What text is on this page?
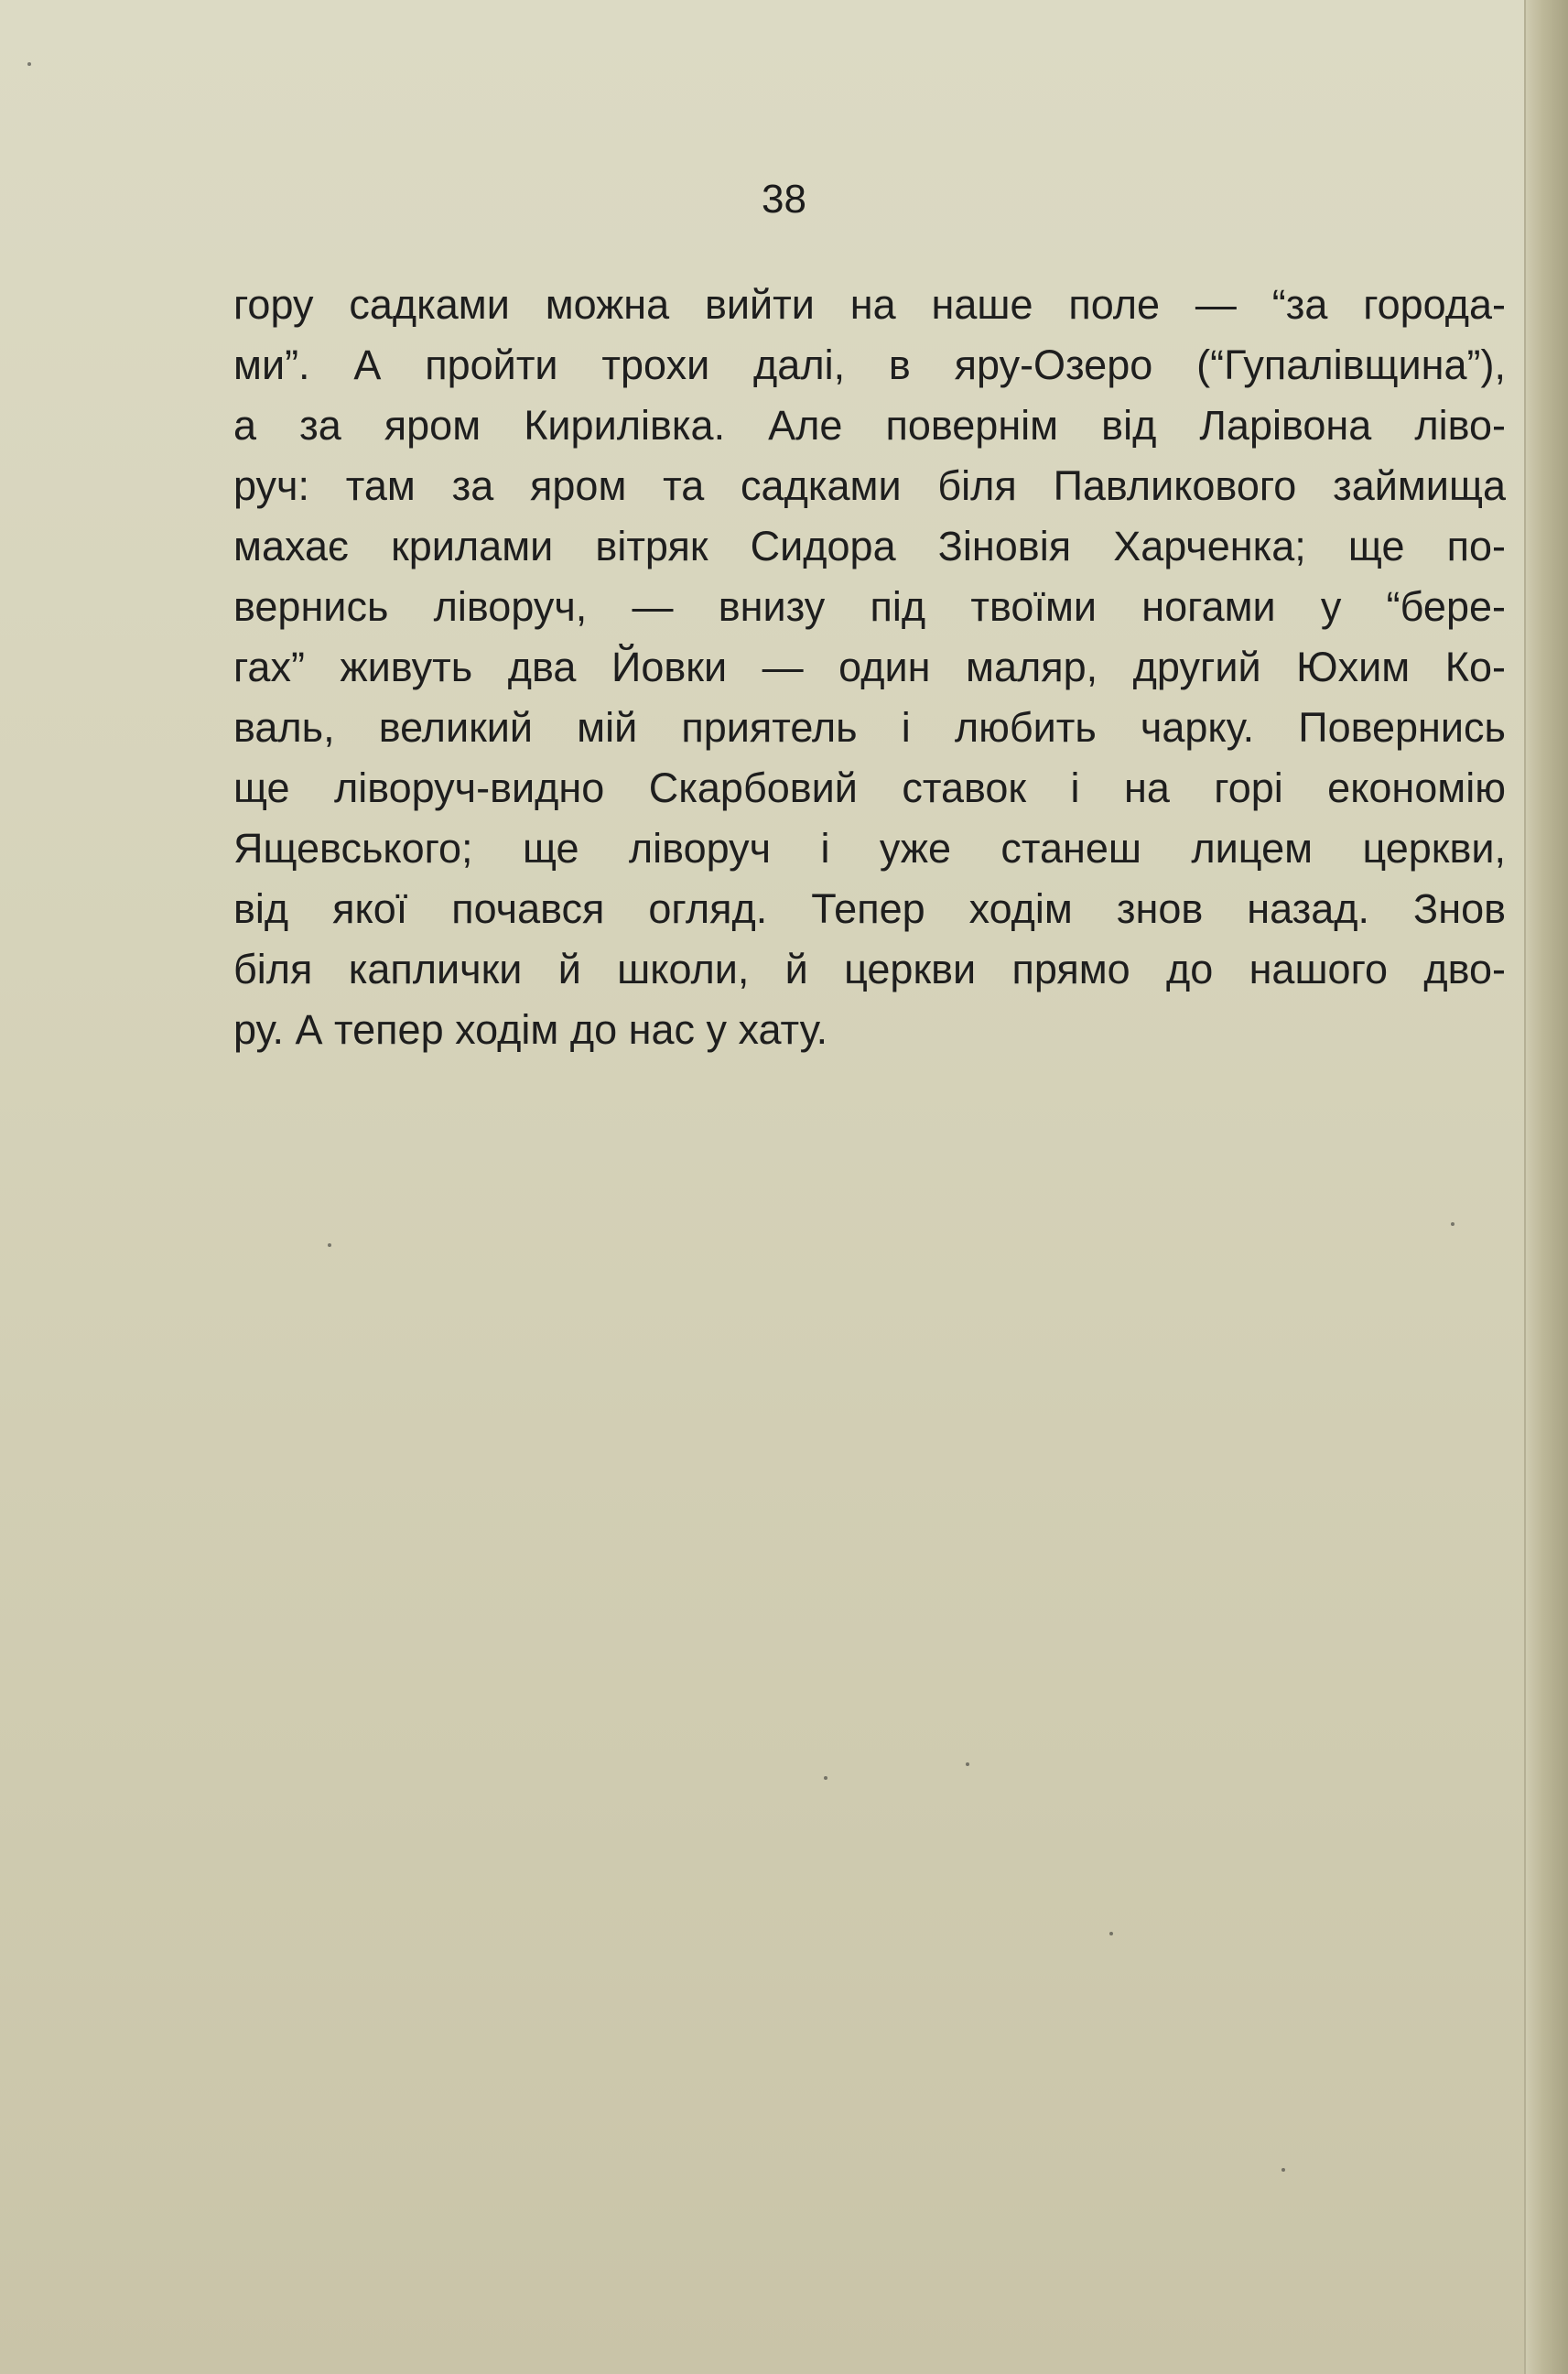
38
гору садками можна вийти на наше поле — “за города-
ми”. А пройти трохи далі, в яру-Озеро (“Гупалівщина”),
а за яром Кирилівка. Але повернім від Ларівона ліво-
руч: там за яром та садками біля Павликового займища
махає крилами вітряк Сидора Зіновія Харченка; ще по-
вернись ліворуч, — внизу під твоїми ногами у “бере-
гах” живуть два Йовки — один маляр, другий Юхим Ко-
валь, великий мій приятель і любить чарку. Повернись
ще ліворуч-видно Скарбовий ставок і на горі економію
Ящевського; ще ліворуч і уже станеш лицем церкви,
від якої почався огляд. Тепер ходім знов назад. Знов
біля каплички й школи, й церкви прямо до нашого дво-
ру. А тепер ходім до нас у хату.
